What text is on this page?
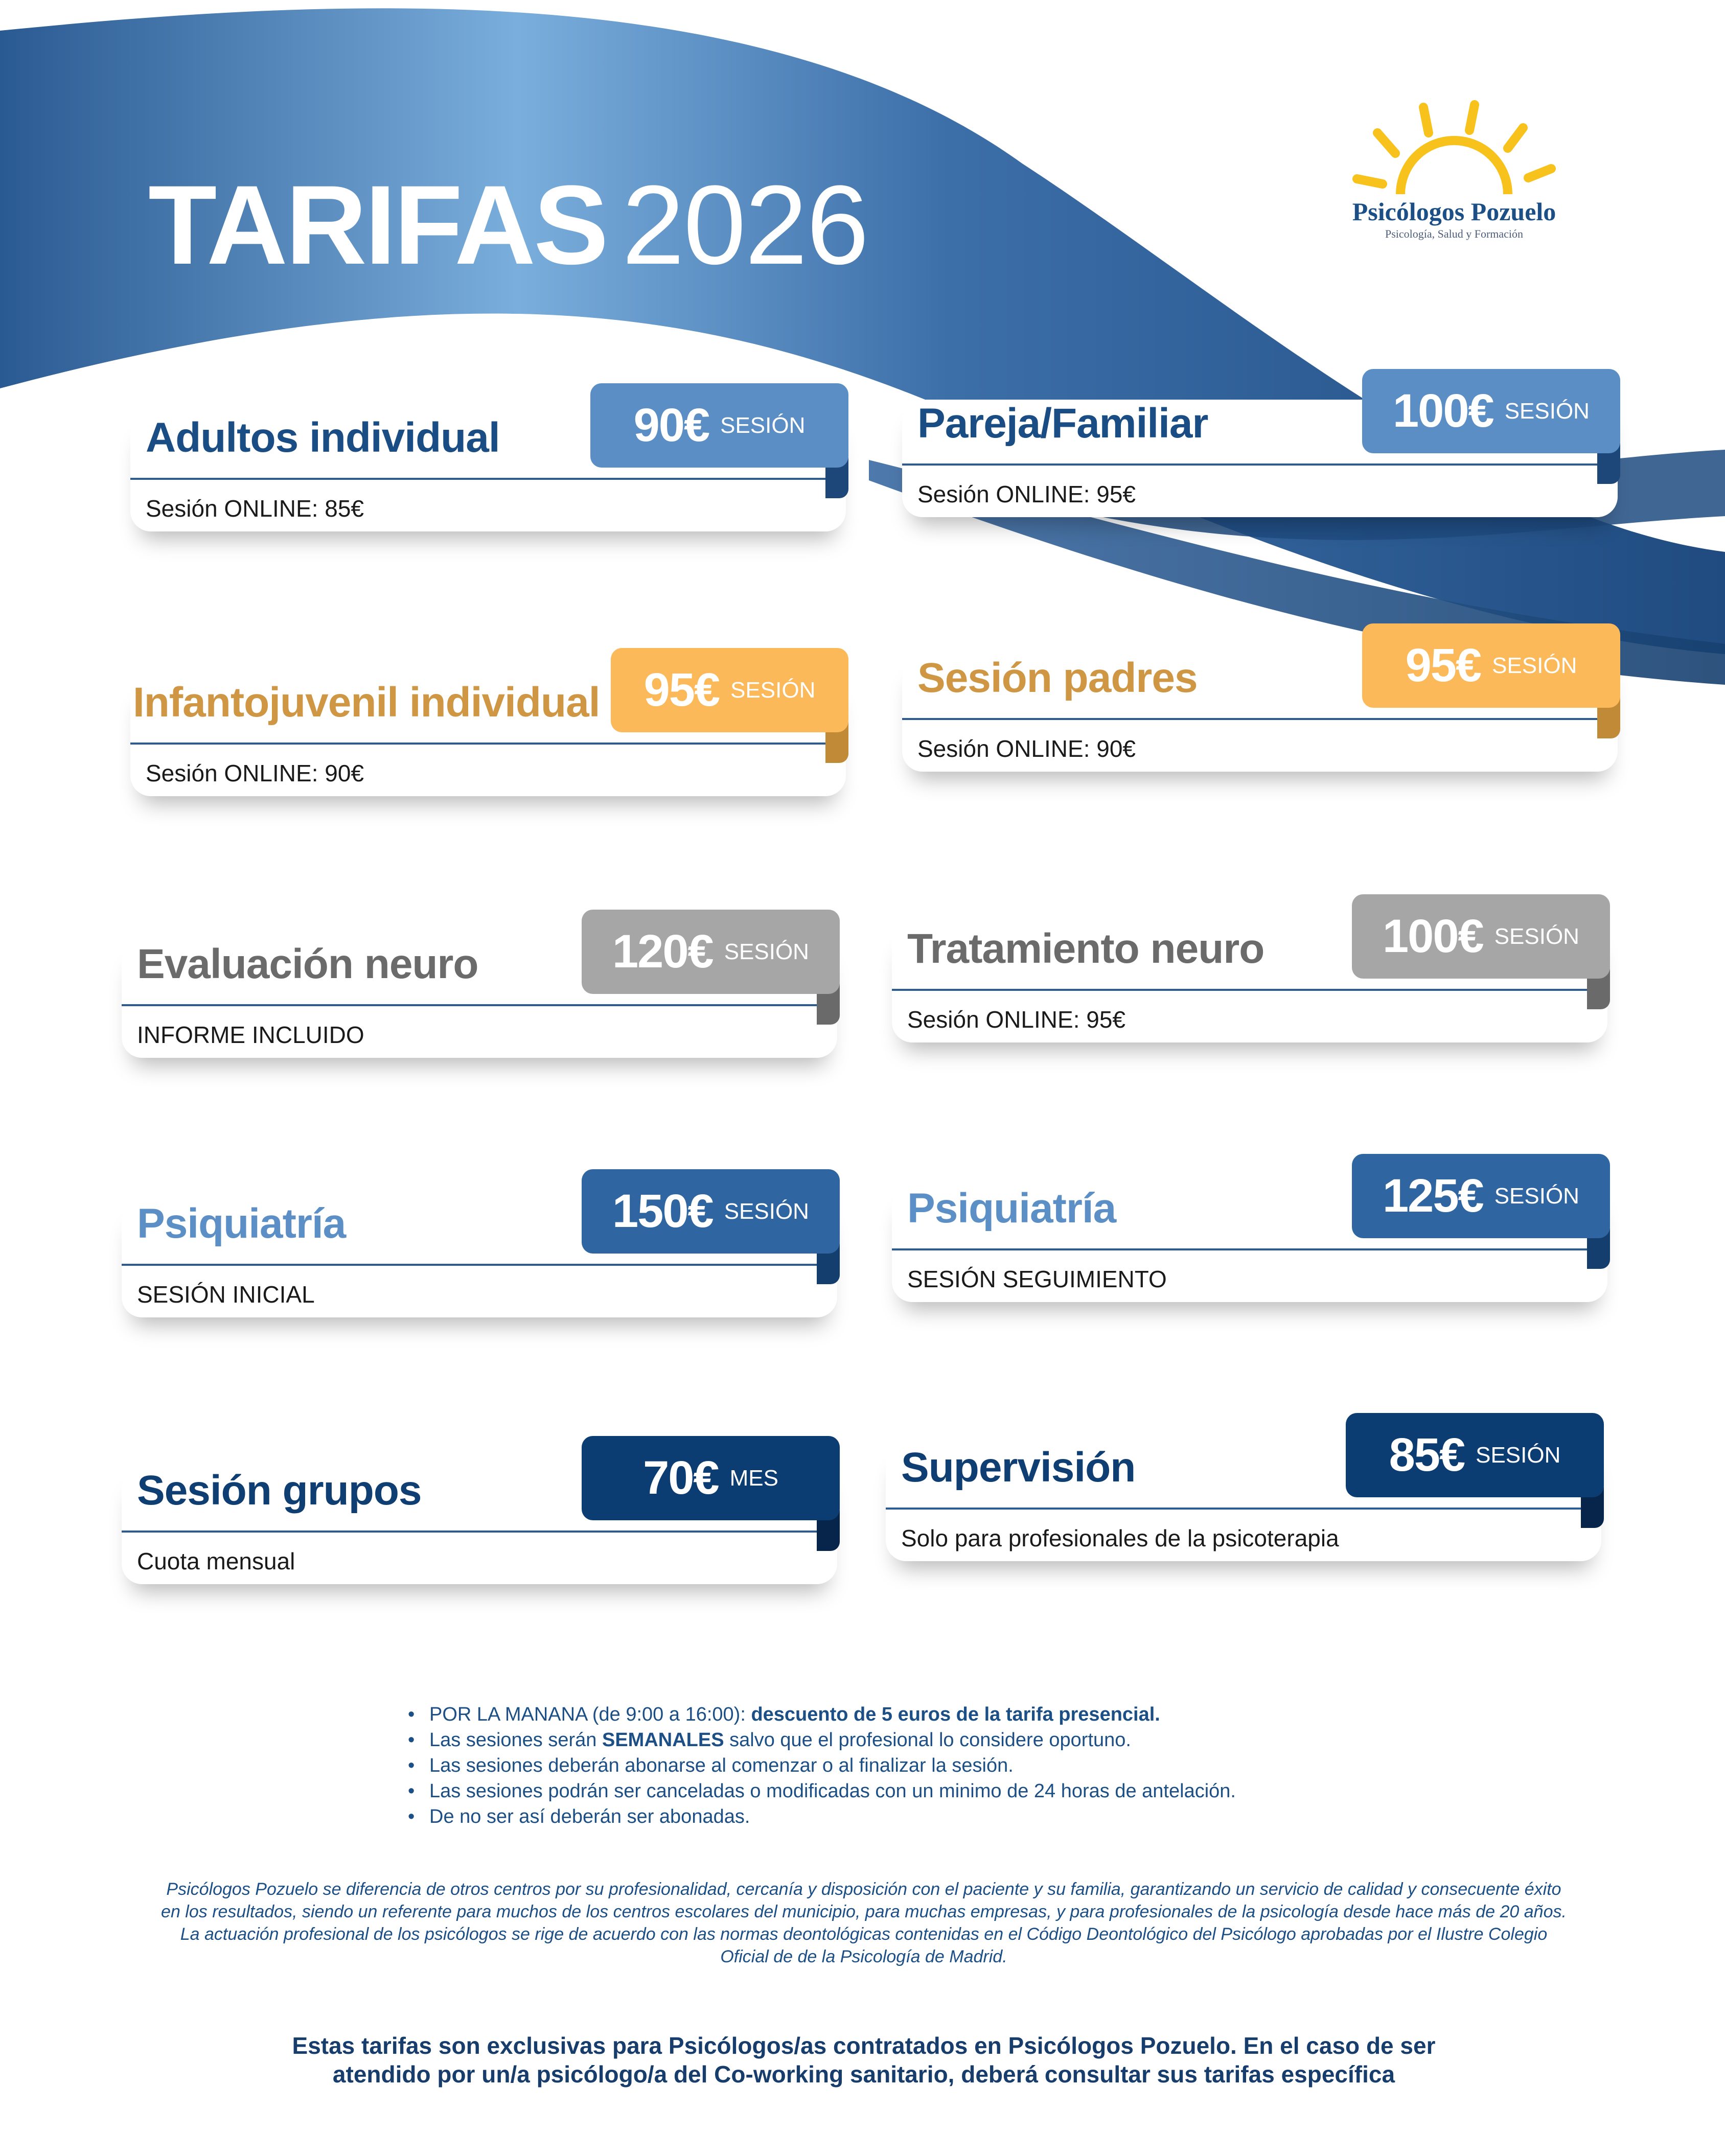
TARIFAS 2026	Psicólogos Pozuelo
Psicología, Salud y Formación
Adultos individual
Sesión ONLINE: 85€
90€ SESIÓN	Pareja/Familiar
Sesión ONLINE: 95€
100€ SESIÓN
Infantojuvenil individual
Sesión ONLINE: 90€
95€ SESIÓN Sesión padres
Sesión ONLINE: 90€
95€ SESIÓN
Evaluación neuro
INFORME INCLUIDO
120€ SESIÓN Tratamiento neuro
Sesión ONLINE: 95€
100€ SESIÓN
Psiquiatría
SESIÓN INICIAL
150€ SESIÓN Psiquiatría
SESIÓN SEGUIMIENTO
125€ SESIÓN
Sesión grupos
Cuota mensual
70€ MES	Supervisión
Solo para profesionales de la psicoterapia
85€ SESIÓN
• POR LA MANANA (de 9:00 a 16:00): descuento de 5 euros de la tarifa presencial.
• Las sesiones serán SEMANALES salvo que el profesional lo considere oportuno.
• Las sesiones deberán abonarse al comenzar o al finalizar la sesión.
• Las sesiones podrán ser canceladas o modificadas con un minimo de 24 horas de antelación.
• De no ser así deberán ser abonadas.
Psicólogos Pozuelo se diferencia de otros centros por su profesionalidad, cercanía y disposición con el paciente y su familia, garantizando un servicio de calidad y consecuente éxito
en los resultados, siendo un referente para muchos de los centros escolares del municipio, para muchas empresas, y para profesionales de la psicología desde hace más de 20 años.
La actuación profesional de los psicólogos se rige de acuerdo con las normas deontológicas contenidas en el Código Deontológico del Psicólogo aprobadas por el Ilustre Colegio
Oficial de de la Psicología de Madrid.
Estas tarifas son exclusivas para Psicólogos/as contratados en Psicólogos Pozuelo. En el caso de ser
atendido por un/a psicólogo/a del Co-working sanitario, deberá consultar sus tarifas específica
